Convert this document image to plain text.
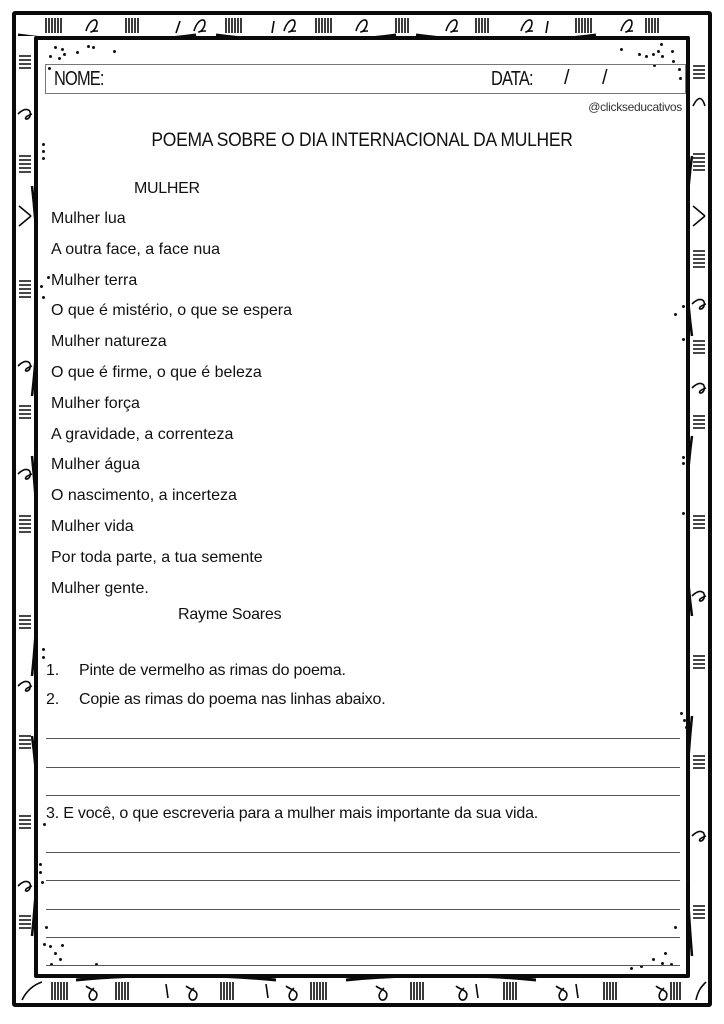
NOME:	DATA: / /
@clickseducativos
POEMA SOBRE O DIA INTERNACIONAL DA MULHER
MULHER
Mulher lua
A outra face, a face nua
Mulher terra
O que é mistério, o que se espera
Mulher natureza
O que é firme, o que é beleza
Mulher força
A gravidade, a correnteza
Mulher água
O nascimento, a incerteza
Mulher vida
Por toda parte, a tua semente
Mulher gente.
Rayme Soares
1. Pinte de vermelho as rimas do poema.
2. Copie as rimas do poema nas linhas abaixo.
3. E você, o que escreveria para a mulher mais importante da sua vida.
